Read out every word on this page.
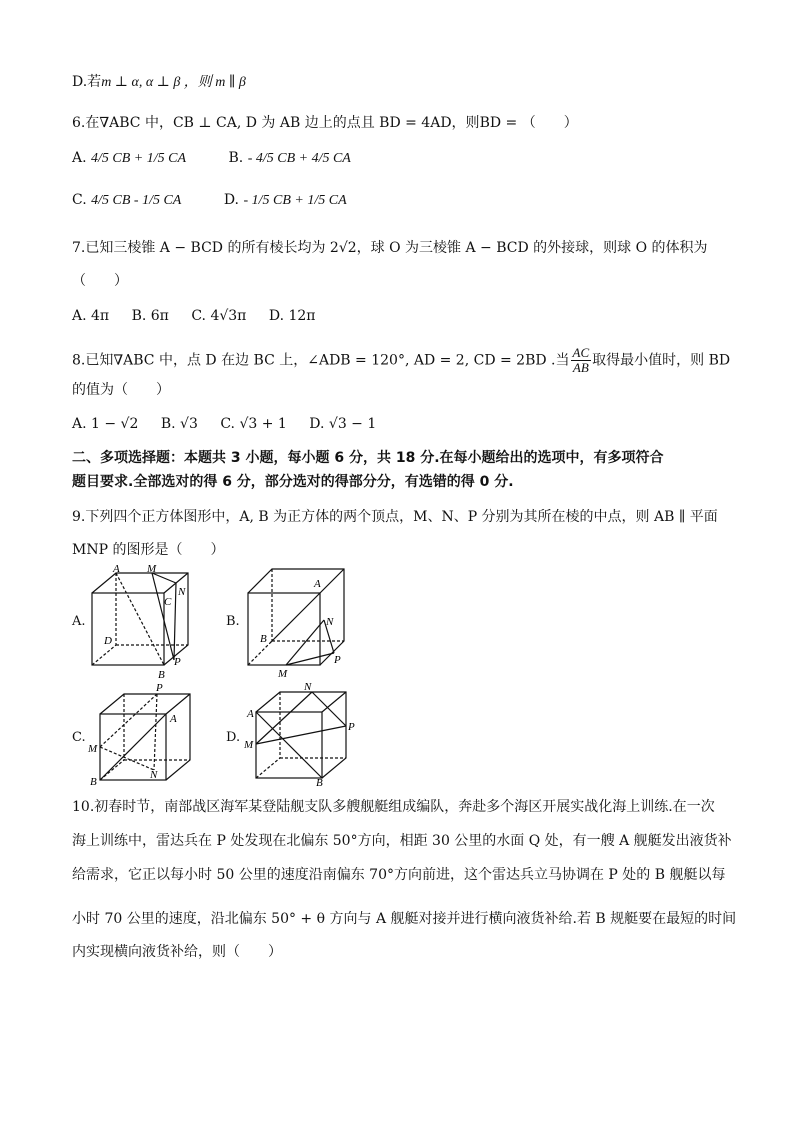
D.若m ⊥ α, α ⊥ β ，则 m ∥ β
6.在∇ABC 中，CB ⊥ CA, D 为 AB 边上的点且 BD = 4AD，则BD = （　　）
A. 4/5 CB + 1/5 CA	B. - 4/5 CB + 4/5 CA
C. 4/5 CB - 1/5 CA	D. - 1/5 CB + 1/5 CA
7.已知三棱锥 A − BCD 的所有棱长均为 2√2，球 O 为三棱锥 A − BCD 的外接球，则球 O 的体积为
（　　）
A. 4π B. 6π C. 4√3π D. 12π
8.已知∇ABC 中，点 D 在边 BC 上，∠ADB = 120°, AD = 2, CD = 2BD .当 $\frac{AC}{AB}$ 取得最小值时，则 BD
的值为（　　）
A. 1 − √2 B. √3 C. √3 + 1 D. √3 − 1
二、多项选择题：本题共 3 小题，每小题 6 分，共 18 分.在每小题给出的选项中，有多项符合
题目要求.全部选对的得 6 分，部分选对的得部分分，有选错的得 0 分.
9.下列四个正方体图形中，A, B 为正方体的两个顶点，M、N、P 分别为其所在棱的中点，则 AB ∥ 平面
MNP 的图形是（　　）
A.	B.
C.	D.
A M
N
C
D
P
B
A
N
B
P
M
P
A
M
N
B
A
N
P
M
B
10.初春时节，南部战区海军某登陆舰支队多艘舰艇组成编队，奔赴多个海区开展实战化海上训练.在一次
海上训练中，雷达兵在 P 处发现在北偏东 50°方向，相距 30 公里的水面 Q 处，有一艘 A 舰艇发出液货补
给需求，它正以每小时 50 公里的速度沿南偏东 70°方向前进，这个雷达兵立马协调在 P 处的 B 舰艇以每
小时 70 公里的速度，沿北偏东 50° + θ 方向与 A 舰艇对接并进行横向液货补给.若 B 规艇要在最短的时间
内实现横向液货补给，则（　　）
